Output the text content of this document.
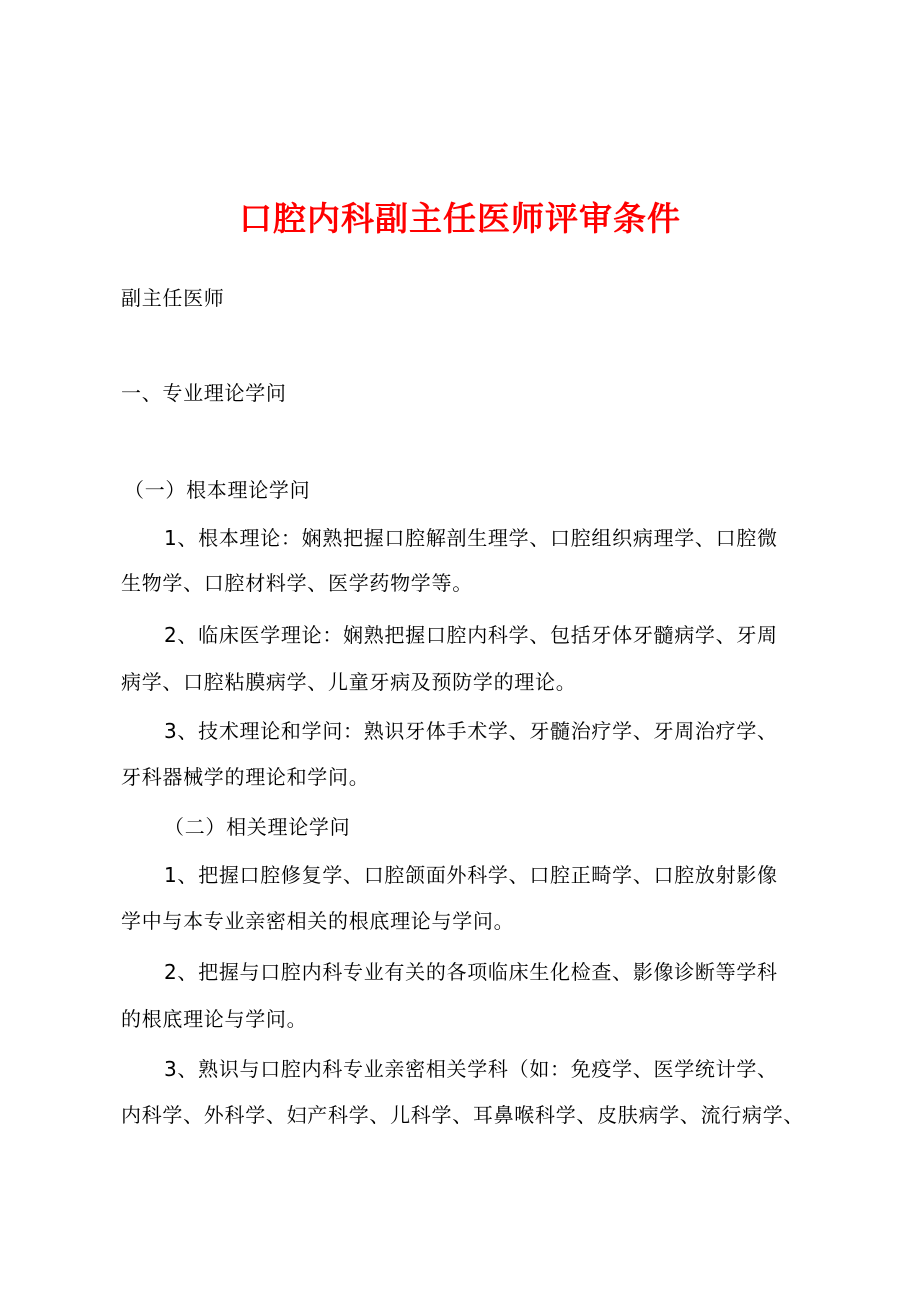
口腔内科副主任医师评审条件

副主任医师

一、专业理论学问

（一）根本理论学问

1、根本理论：娴熟把握口腔解剖生理学、口腔组织病理学、口腔微

生物学、口腔材料学、医学药物学等。

2、临床医学理论：娴熟把握口腔内科学、包括牙体牙髓病学、牙周

病学、口腔粘膜病学、儿童牙病及预防学的理论。

3、技术理论和学问：熟识牙体手术学、牙髓治疗学、牙周治疗学、

牙科器械学的理论和学问。

（二）相关理论学问

1、把握口腔修复学、口腔颌面外科学、口腔正畸学、口腔放射影像

学中与本专业亲密相关的根底理论与学问。

2、把握与口腔内科专业有关的各项临床生化检查、影像诊断等学科

的根底理论与学问。

3、熟识与口腔内科专业亲密相关学科（如：免疫学、医学统计学、

内科学、外科学、妇产科学、儿科学、耳鼻喉科学、皮肤病学、流行病学、
